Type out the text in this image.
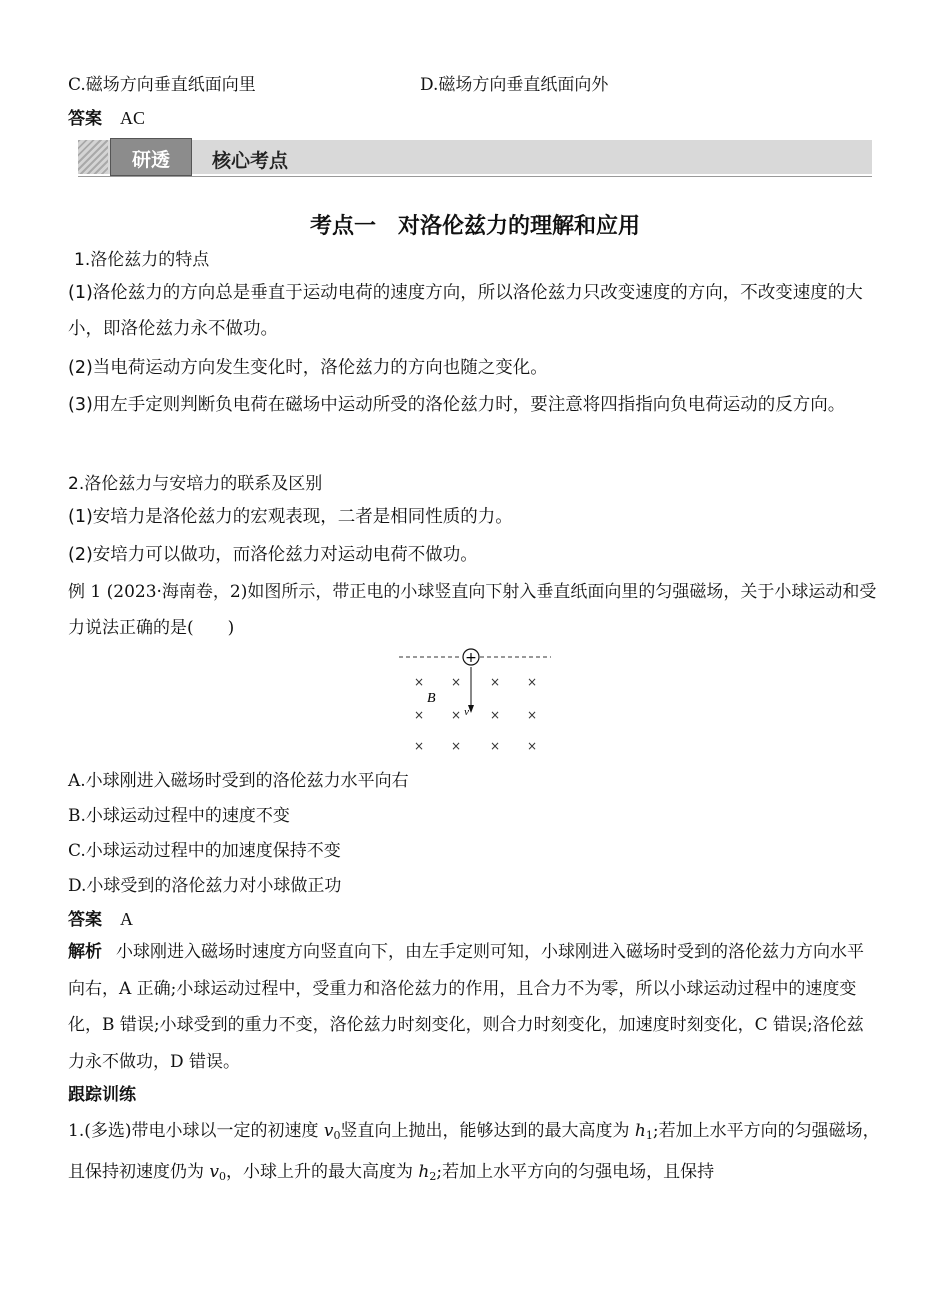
C.磁场方向垂直纸面向里	D.磁场方向垂直纸面向外
答案 AC
研透	核心考点
考点一　对洛伦兹力的理解和应用
1.洛伦兹力的特点
(1)洛伦兹力的方向总是垂直于运动电荷的速度方向，所以洛伦兹力只改变速度的方向，不改变速度的大小，即洛伦兹力永不做功。
(2)当电荷运动方向发生变化时，洛伦兹力的方向也随之变化。
(3)用左手定则判断负电荷在磁场中运动所受的洛伦兹力时，要注意将四指指向负电荷运动的反方向。
2.洛伦兹力与安培力的联系及区别
(1)安培力是洛伦兹力的宏观表现，二者是相同性质的力。
(2)安培力可以做功，而洛伦兹力对运动电荷不做功。
例 1 (2023·海南卷，2)如图所示，带正电的小球竖直向下射入垂直纸面向里的匀强磁场，关于小球运动和受力说法正确的是(　　)
+
v
B
× × × ×
× × × ×
× × × ×
A.小球刚进入磁场时受到的洛伦兹力水平向右
B.小球运动过程中的速度不变
C.小球运动过程中的加速度保持不变
D.小球受到的洛伦兹力对小球做正功
答案 A
解析 小球刚进入磁场时速度方向竖直向下，由左手定则可知，小球刚进入磁场时受到的洛伦兹力方向水平向右，A 正确;小球运动过程中，受重力和洛伦兹力的作用，且合力不为零，所以小球运动过程中的速度变化，B 错误;小球受到的重力不变，洛伦兹力时刻变化，则合力时刻变化，加速度时刻变化，C 错误;洛伦兹力永不做功，D 错误。
跟踪训练
1.(多选)带电小球以一定的初速度 $v_0$竖直向上抛出，能够达到的最大高度为 $h_1$;若加上水平方向的匀强磁场，且保持初速度仍为 $v_0$，小球上升的最大高度为 $h_2$;若加上水平方向的匀强电场，且保持
